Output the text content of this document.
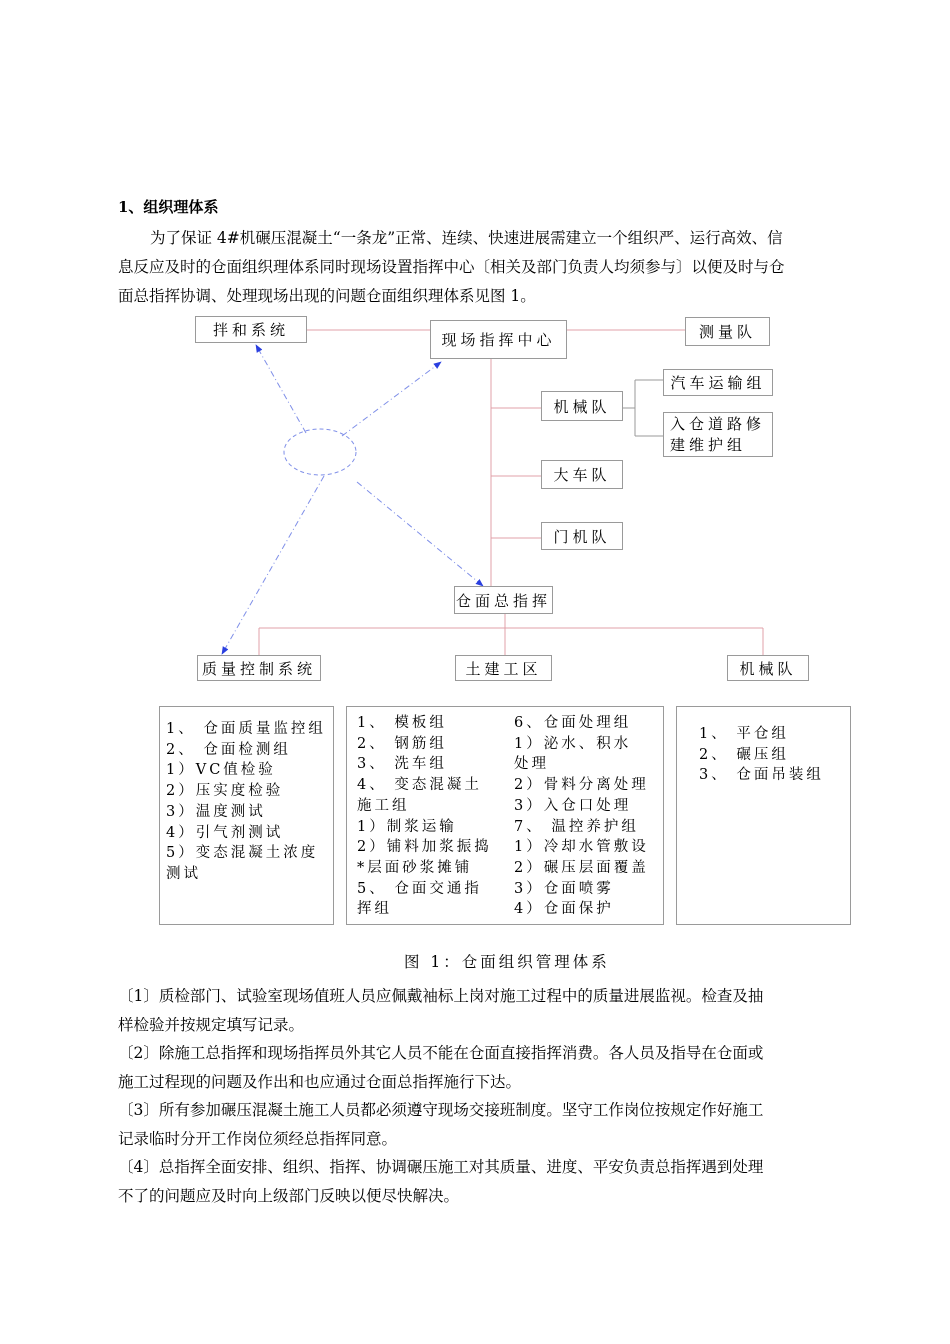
1、组织理体系
为了保证 4#机碾压混凝土“一条龙”正常、连续、快速进展需建立一个组织严、运行高效、信
息反应及时的仓面组织理体系同时现场设置指挥中心〔相关及部门负责人均须参与〕以便及时与仓
面总指挥协调、处理现场出现的问题仓面组织理体系见图 1。
拌和系统
现场指挥中心	测量队
机械队
汽车运输组
入仓道路修
建维护组
大车队
门机队
仓面总指挥
质量控制系统	土建工区	机械队
1、 仓面质量监控组
2、 仓面检测组
1）VC值检验
2）压实度检验
3）温度测试
4）引气剂测试
5）变态混凝土浓度
测试
1、 模板组
2、 钢筋组
3、 洗车组
4、 变态混凝土
施工组
1）制浆运输
2）铺料加浆振捣
*层面砂浆摊铺
5、 仓面交通指
挥组
6、仓面处理组
1）泌水、积水
处理
2）骨料分离处理
3）入仓口处理
7、 温控养护组
1）冷却水管敷设
2）碾压层面覆盖
3）仓面喷雾
4）仓面保护
1、 平仓组
2、 碾压组
3、 仓面吊装组
图 1：仓面组织管理体系
〔1〕质检部门、试验室现场值班人员应佩戴袖标上岗对施工过程中的质量进展监视。检查及抽
样检验并按规定填写记录。
〔2〕除施工总指挥和现场指挥员外其它人员不能在仓面直接指挥消费。各人员及指导在仓面或
施工过程现的问题及作出和也应通过仓面总指挥施行下达。
〔3〕所有参加碾压混凝土施工人员都必须遵守现场交接班制度。坚守工作岗位按规定作好施工
记录临时分开工作岗位须经总指挥同意。
〔4〕总指挥全面安排、组织、指挥、协调碾压施工对其质量、进度、平安负责总指挥遇到处理
不了的问题应及时向上级部门反映以便尽快解决。
